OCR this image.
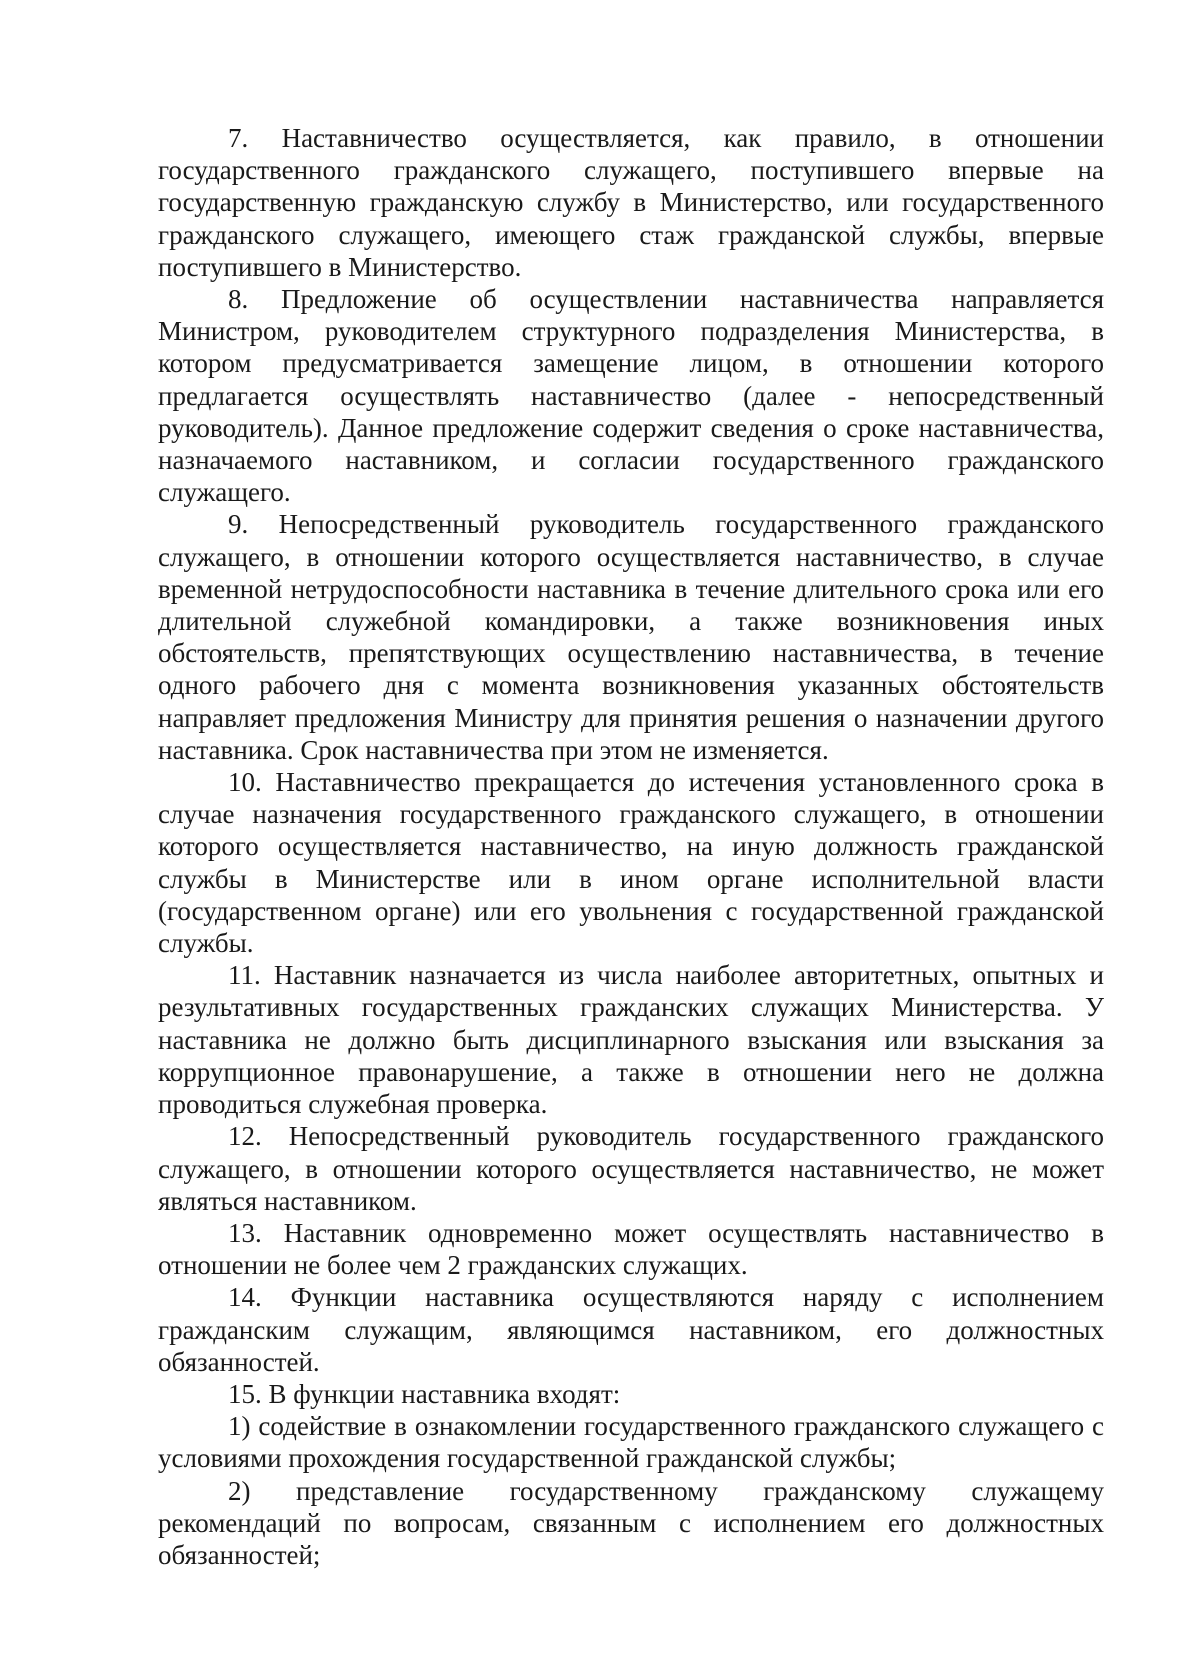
7. Наставничество осуществляется, как правило, в отношении государственного гражданского служащего, поступившего впервые на государственную гражданскую службу в Министерство, или государственного гражданского служащего, имеющего стаж гражданской службы, впервые поступившего в Министерство.

8. Предложение об осуществлении наставничества направляется Министром, руководителем структурного подразделения Министерства, в котором предусматривается замещение лицом, в отношении которого предлагается осуществлять наставничество (далее - непосредственный руководитель). Данное предложение содержит сведения о сроке наставничества, назначаемого наставником, и согласии государственного гражданского служащего.

9. Непосредственный руководитель государственного гражданского служащего, в отношении которого осуществляется наставничество, в случае временной нетрудоспособности наставника в течение длительного срока или его длительной служебной командировки, а также возникновения иных обстоятельств, препятствующих осуществлению наставничества, в течение одного рабочего дня с момента возникновения указанных обстоятельств направляет предложения Министру для принятия решения о назначении другого наставника. Срок наставничества при этом не изменяется.

10. Наставничество прекращается до истечения установленного срока в случае назначения государственного гражданского служащего, в отношении которого осуществляется наставничество, на иную должность гражданской службы в Министерстве или в ином органе исполнительной власти (государственном органе) или его увольнения с государственной гражданской службы.

11. Наставник назначается из числа наиболее авторитетных, опытных и результативных государственных гражданских служащих Министерства. У наставника не должно быть дисциплинарного взыскания или взыскания за коррупционное правонарушение, а также в отношении него не должна проводиться служебная проверка.

12. Непосредственный руководитель государственного гражданского служащего, в отношении которого осуществляется наставничество, не может являться наставником.

13. Наставник одновременно может осуществлять наставничество в отношении не более чем 2 гражданских служащих.

14. Функции наставника осуществляются наряду с исполнением гражданским служащим, являющимся наставником, его должностных обязанностей.

15. В функции наставника входят:

1) содействие в ознакомлении государственного гражданского служащего с условиями прохождения государственной гражданской службы;

2) представление государственному гражданскому служащему рекомендаций по вопросам, связанным с исполнением его должностных обязанностей;
